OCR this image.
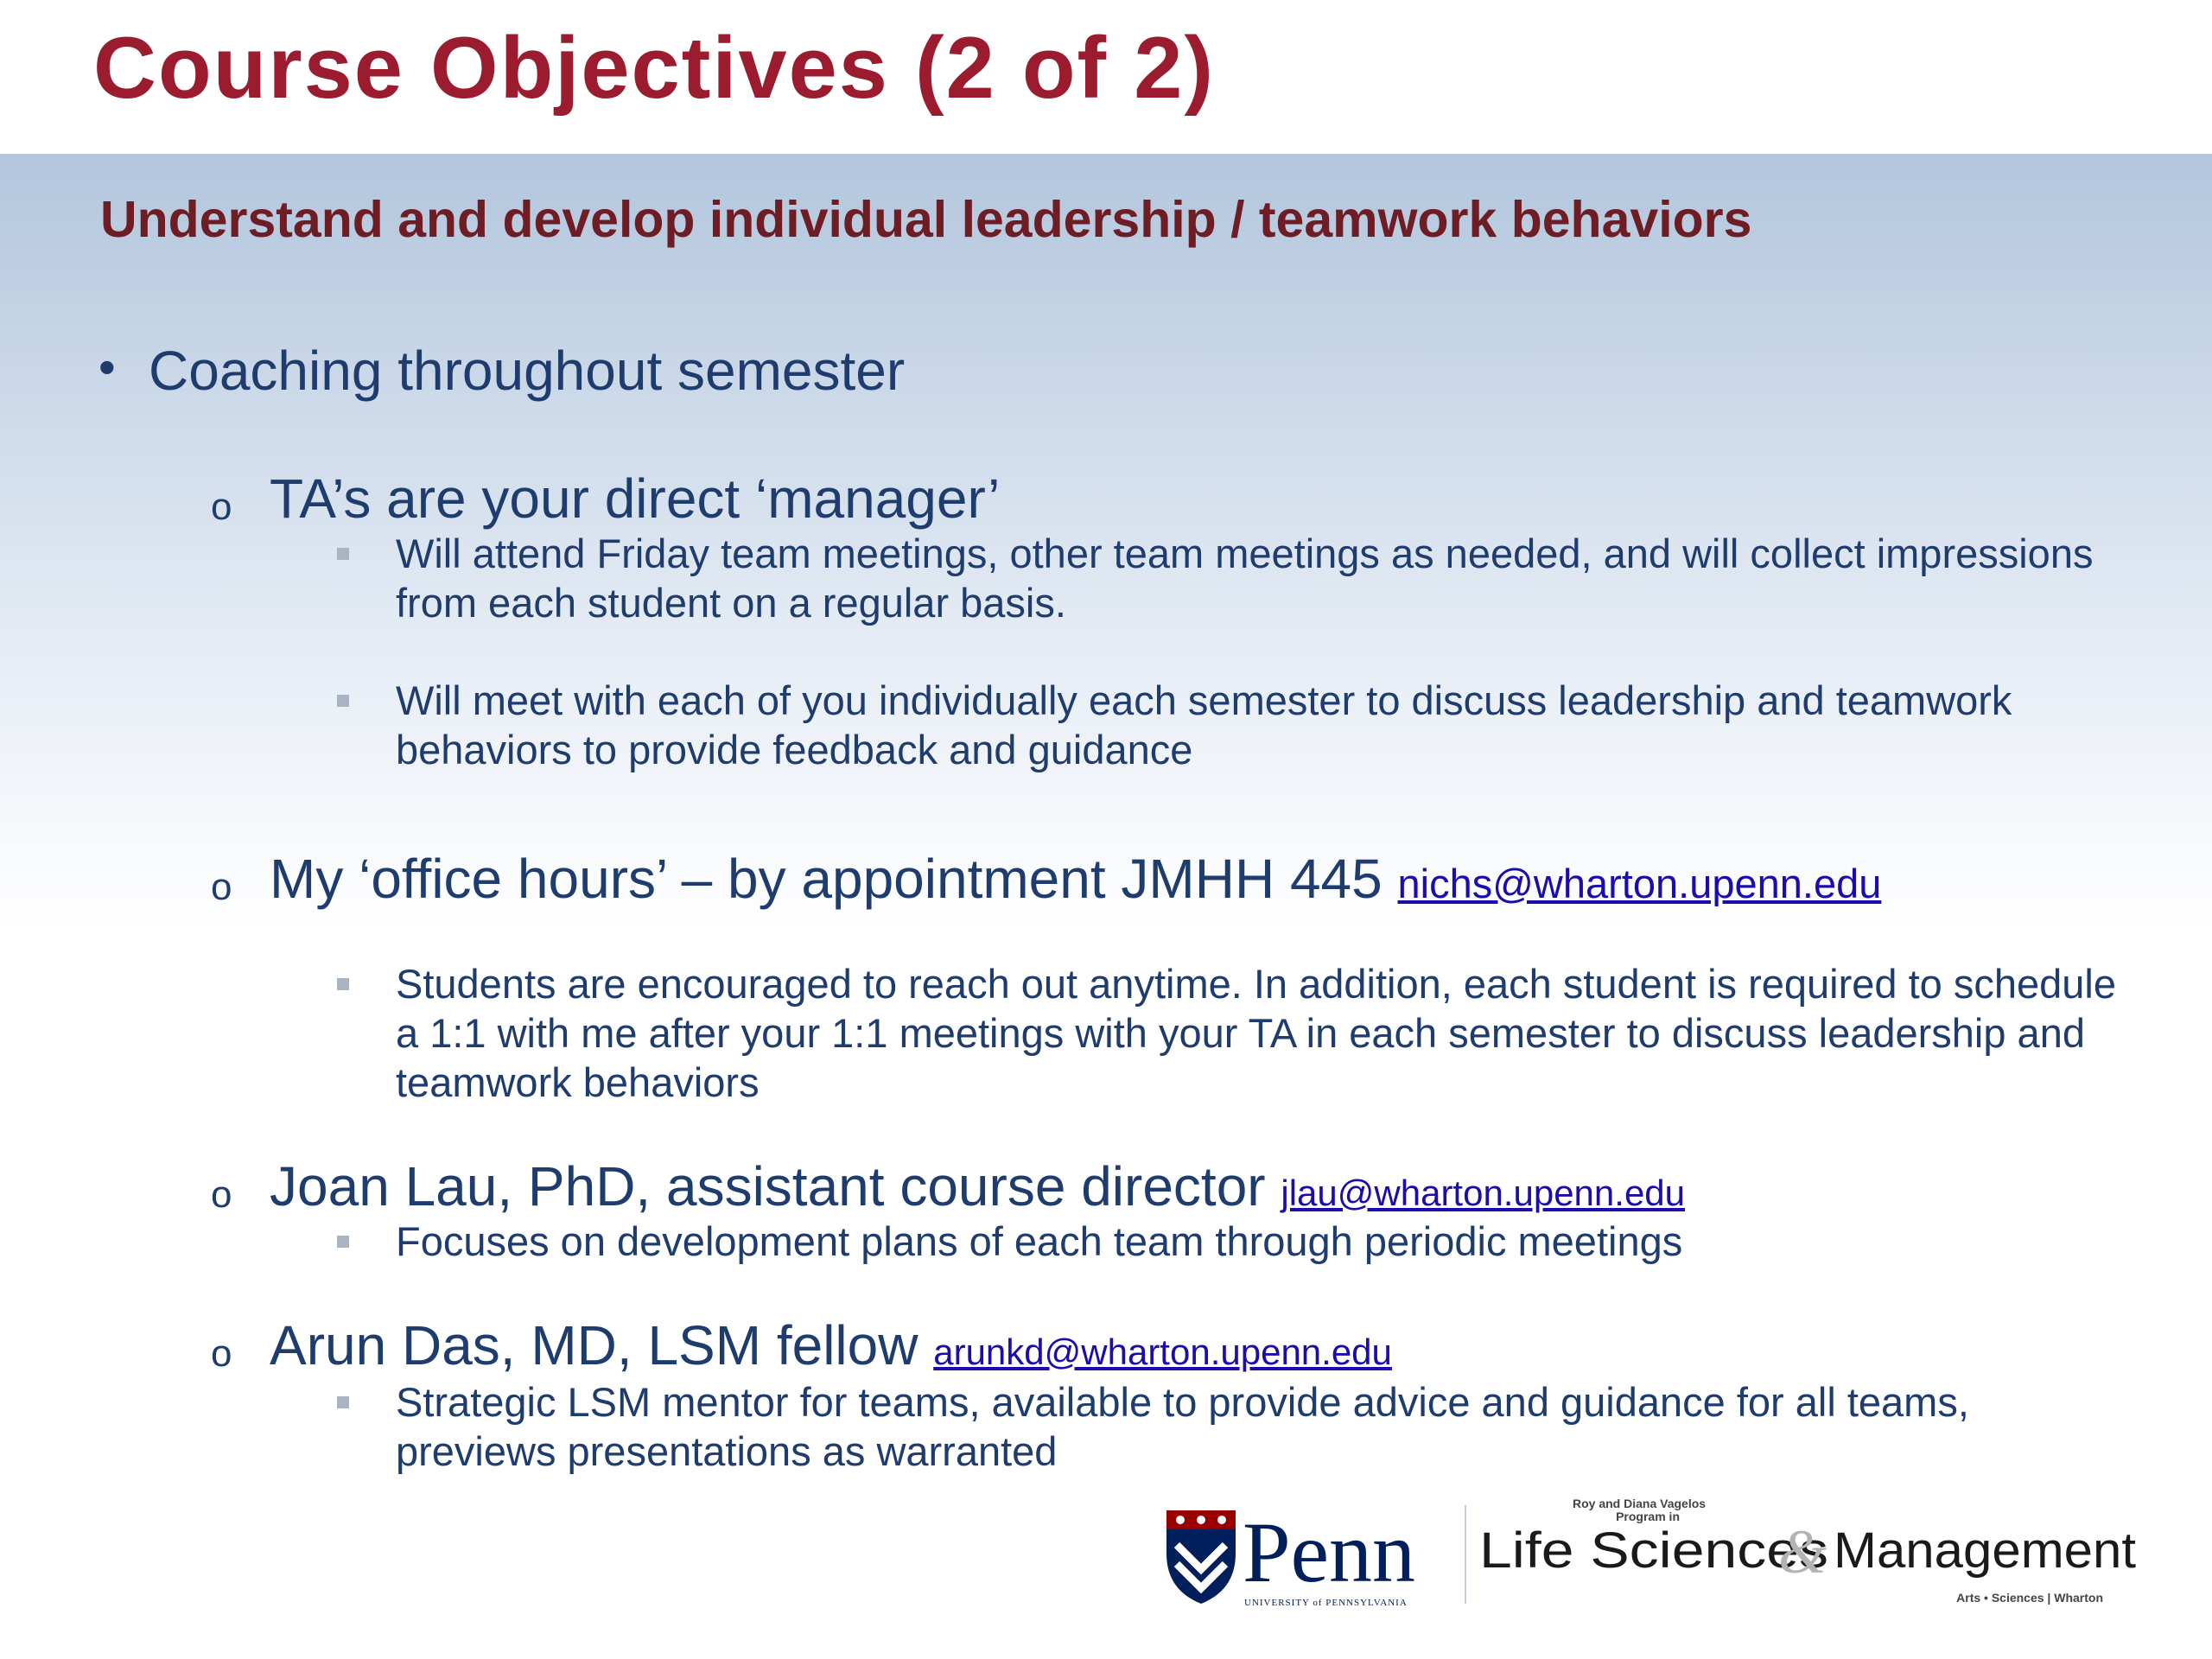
Course Objectives (2 of 2)
Understand and develop individual leadership / teamwork behaviors
• Coaching throughout semester
o TA’s are your direct ‘manager’
Will attend Friday team meetings, other team meetings as needed, and will collect impressions from each student on a regular basis.
Will meet with each of you individually each semester to discuss leadership and teamwork behaviors to provide feedback and guidance
o My ‘office hours’ – by appointment JMHH 445 nichs@wharton.upenn.edu
Students are encouraged to reach out anytime. In addition, each student is required to schedule a 1:1 with me after your 1:1 meetings with your TA in each semester to discuss leadership and teamwork behaviors
o Joan Lau, PhD, assistant course director jlau@wharton.upenn.edu
Focuses on development plans of each team through periodic meetings
o Arun Das, MD, LSM fellow arunkd@wharton.upenn.edu
Strategic LSM mentor for teams, available to provide advice and guidance for all teams, previews presentations as warranted
Penn
UNIVERSITY of PENNSYLVANIA
Roy and Diana Vagelos
Program in
Life Sciences
& Management
Arts • Sciences | Wharton
